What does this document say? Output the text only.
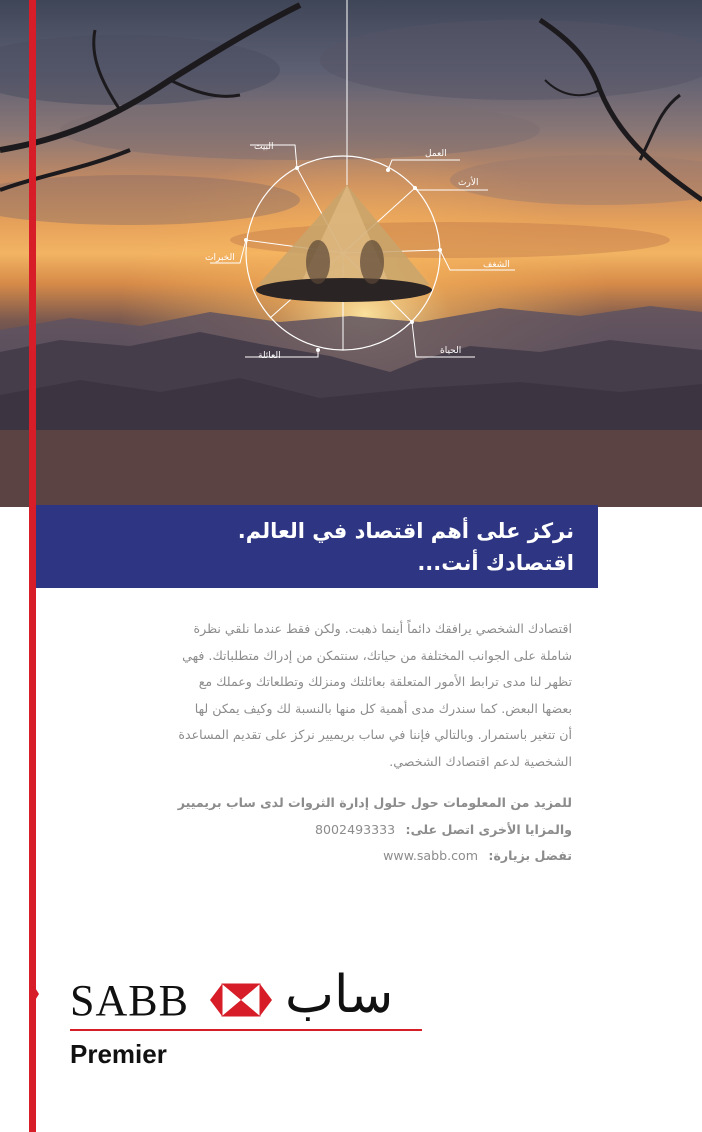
البيت
العمل
الأرث
الخبرات
الشغف
العائلة	الحياة
نركز على أهم اقتصاد في العالم.
اقتصادك أنت...

اقتصادك الشخصي يرافقك دائماً أينما ذهبت. ولكن فقط عندما نلقي نظرة

شاملة على الجوانب المختلفة من حياتك، سنتمكن من إدراك متطلباتك. فهي

تظهر لنا مدى ترابط الأمور المتعلقة بعائلتك ومنزلك وتطلعاتك وعملك مع

بعضها البعض. كما سندرك مدى أهمية كل منها بالنسبة لك وكيف يمكن لها

أن تتغير باستمرار. وبالتالي فإننا في ساب بريميير نركز على تقديم المساعدة

الشخصية لدعم اقتصادك الشخصي.

للمزيد من المعلومات حول حلول إدارة الثروات لدى ساب بريميير
والمزايا الأخرى اتصل على: 8002493333
تفضل بزيارة: www.sabb.com
SABB ساب
Premier
